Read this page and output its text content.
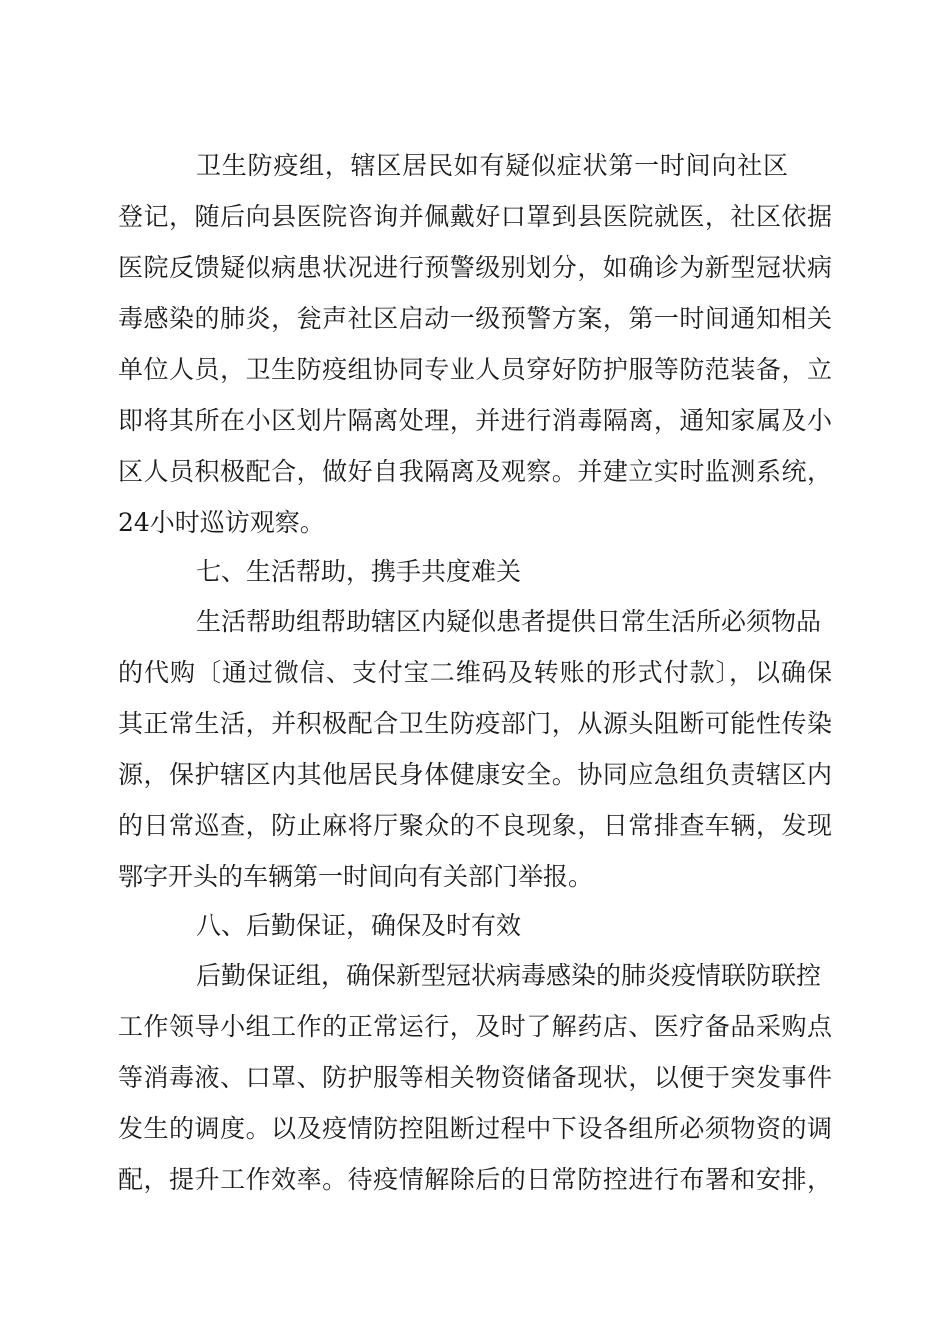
卫生防疫组，辖区居民如有疑似症状第一时间向社区
登记，随后向县医院咨询并佩戴好口罩到县医院就医，社区依据
医院反馈疑似病患状况进行预警级别划分，如确诊为新型冠状病
毒感染的肺炎，瓮声社区启动一级预警方案，第一时间通知相关
单位人员，卫生防疫组协同专业人员穿好防护服等防范装备，立
即将其所在小区划片隔离处理，并进行消毒隔离，通知家属及小
区人员积极配合，做好自我隔离及观察。并建立实时监测系统，
24小时巡访观察。
七、生活帮助，携手共度难关
生活帮助组帮助辖区内疑似患者提供日常生活所必须物品
的代购〔通过微信、支付宝二维码及转账的形式付款〕，以确保
其正常生活，并积极配合卫生防疫部门，从源头阻断可能性传染
源，保护辖区内其他居民身体健康安全。协同应急组负责辖区内
的日常巡查，防止麻将厅聚众的不良现象，日常排查车辆，发现
鄂字开头的车辆第一时间向有关部门举报。
八、后勤保证，确保及时有效
后勤保证组，确保新型冠状病毒感染的肺炎疫情联防联控
工作领导小组工作的正常运行，及时了解药店、医疗备品采购点
等消毒液、口罩、防护服等相关物资储备现状，以便于突发事件
发生的调度。以及疫情防控阻断过程中下设各组所必须物资的调
配，提升工作效率。待疫情解除后的日常防控进行布署和安排，
